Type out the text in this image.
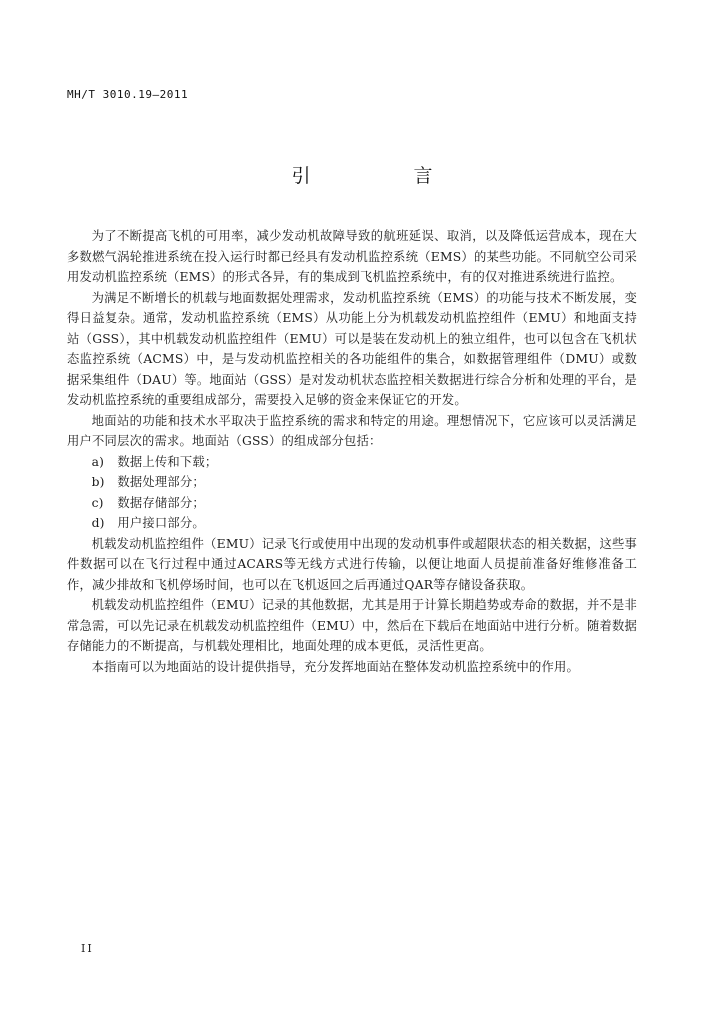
MH/T 3010.19—2011
引　言

为了不断提高飞机的可用率，减少发动机故障导致的航班延误、取消，以及降低运营成本，现在大多数燃气涡轮推进系统在投入运行时都已经具有发动机监控系统（EMS）的某些功能。不同航空公司采用发动机监控系统（EMS）的形式各异，有的集成到飞机监控系统中，有的仅对推进系统进行监控。

为满足不断增长的机载与地面数据处理需求，发动机监控系统（EMS）的功能与技术不断发展，变得日益复杂。通常，发动机监控系统（EMS）从功能上分为机载发动机监控组件（EMU）和地面支持站（GSS），其中机载发动机监控组件（EMU）可以是装在发动机上的独立组件，也可以包含在飞机状态监控系统（ACMS）中，是与发动机监控相关的各功能组件的集合，如数据管理组件（DMU）或数据采集组件（DAU）等。地面站（GSS）是对发动机状态监控相关数据进行综合分析和处理的平台，是发动机监控系统的重要组成部分，需要投入足够的资金来保证它的开发。

地面站的功能和技术水平取决于监控系统的需求和特定的用途。理想情况下，它应该可以灵活满足用户不同层次的需求。地面站（GSS）的组成部分包括：

a) 数据上传和下载；
b) 数据处理部分；
c) 数据存储部分；
d) 用户接口部分。

机载发动机监控组件（EMU）记录飞行或使用中出现的发动机事件或超限状态的相关数据，这些事件数据可以在飞行过程中通过ACARS等无线方式进行传输，以便让地面人员提前准备好维修准备工作，减少排故和飞机停场时间，也可以在飞机返回之后再通过QAR等存储设备获取。

机载发动机监控组件（EMU）记录的其他数据，尤其是用于计算长期趋势或寿命的数据，并不是非常急需，可以先记录在机载发动机监控组件（EMU）中，然后在下载后在地面站中进行分析。随着数据存储能力的不断提高，与机载处理相比，地面处理的成本更低，灵活性更高。

本指南可以为地面站的设计提供指导，充分发挥地面站在整体发动机监控系统中的作用。

II
